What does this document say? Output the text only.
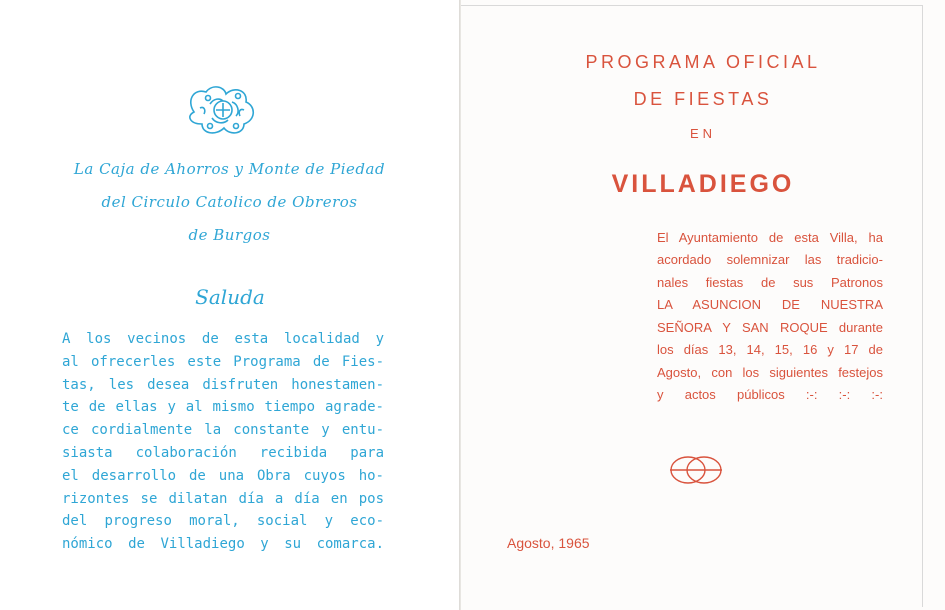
La Caja de Ahorros y Monte de Piedad
del Circulo Catolico de Obreros
de Burgos
Saluda
A los vecinos de esta localidad y
al ofrecerles este Programa de Fies-
tas, les desea disfruten honestamen-
te de ellas y al mismo tiempo agrade-
ce cordialmente la constante y entu-
siasta colaboración recibida para
el desarrollo de una Obra cuyos ho-
rizontes se dilatan día a día en pos
del progreso moral, social y eco-
nómico de Villadiego y su comarca.
PROGRAMA OFICIAL
DE FIESTAS
EN
VILLADIEGO
El Ayuntamiento de esta Villa, ha
acordado solemnizar las tradicio-
nales fiestas de sus Patronos
LA ASUNCION DE NUESTRA
SEÑORA Y SAN ROQUE durante
los días 13, 14, 15, 16 y 17 de
Agosto, con los siguientes festejos
y actos públicos :-: :-: :-:
Agosto, 1965
